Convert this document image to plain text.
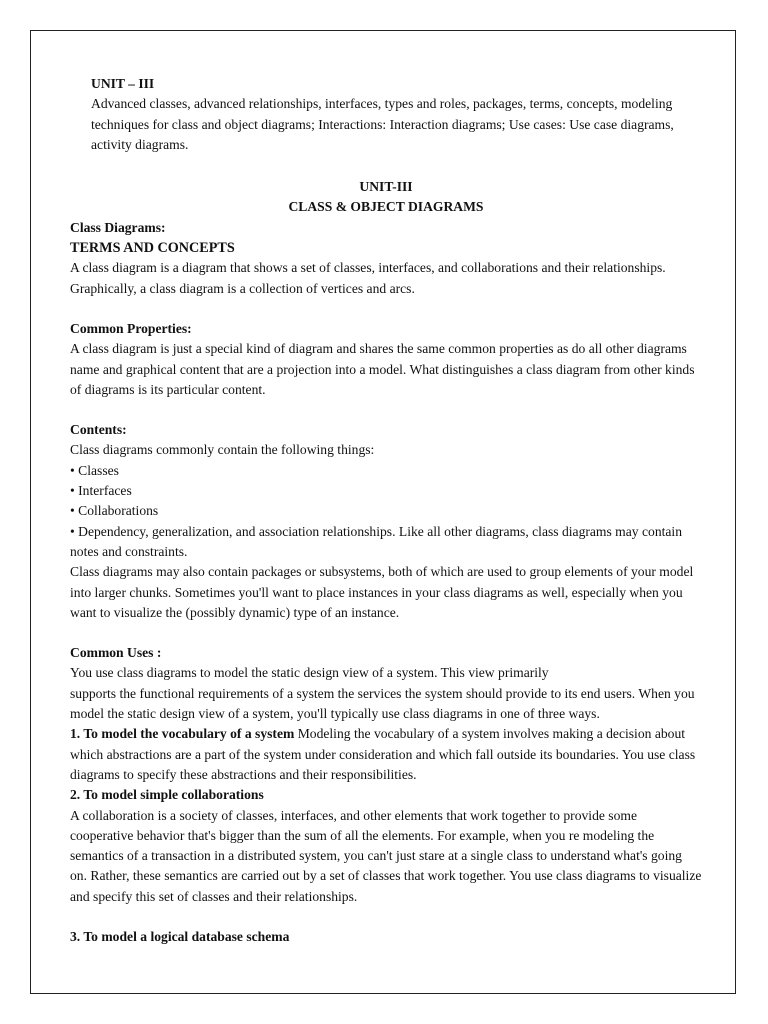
UNIT – III

Advanced classes, advanced relationships, interfaces, types and roles, packages, terms, concepts, modeling techniques for class and object diagrams; Interactions: Interaction diagrams; Use cases: Use case diagrams, activity diagrams.

UNIT-III

CLASS & OBJECT DIAGRAMS

Class Diagrams:

TERMS AND CONCEPTS

A class diagram is a diagram that shows a set of classes, interfaces, and collaborations and their relationships. Graphically, a class diagram is a collection of vertices and arcs.

Common Properties:

A class diagram is just a special kind of diagram and shares the same common properties as do all other diagrams name and graphical content that are a projection into a model. What distinguishes a class diagram from other kinds of diagrams is its particular content.

Contents:

Class diagrams commonly contain the following things:

• Classes

• Interfaces

• Collaborations

• Dependency, generalization, and association relationships. Like all other diagrams, class diagrams may contain notes and constraints.

Class diagrams may also contain packages or subsystems, both of which are used to group elements of your model into larger chunks. Sometimes you'll want to place instances in your class diagrams as well, especially when you want to visualize the (possibly dynamic) type of an instance.

Common Uses :

You use class diagrams to model the static design view of a system. This view primarily

supports the functional requirements of a system the services the system should provide to its end users. When you model the static design view of a system, you'll typically use class diagrams in one of three ways.

1. To model the vocabulary of a system Modeling the vocabulary of a system involves making a decision about which abstractions are a part of the system under consideration and which fall outside its boundaries. You use class diagrams to specify these abstractions and their responsibilities.

2. To model simple collaborations

A collaboration is a society of classes, interfaces, and other elements that work together to provide some cooperative behavior that's bigger than the sum of all the elements. For example, when you re modeling the semantics of a transaction in a distributed system, you can't just stare at a single class to understand what's going on. Rather, these semantics are carried out by a set of classes that work together. You use class diagrams to visualize and specify this set of classes and their relationships.

3. To model a logical database schema
